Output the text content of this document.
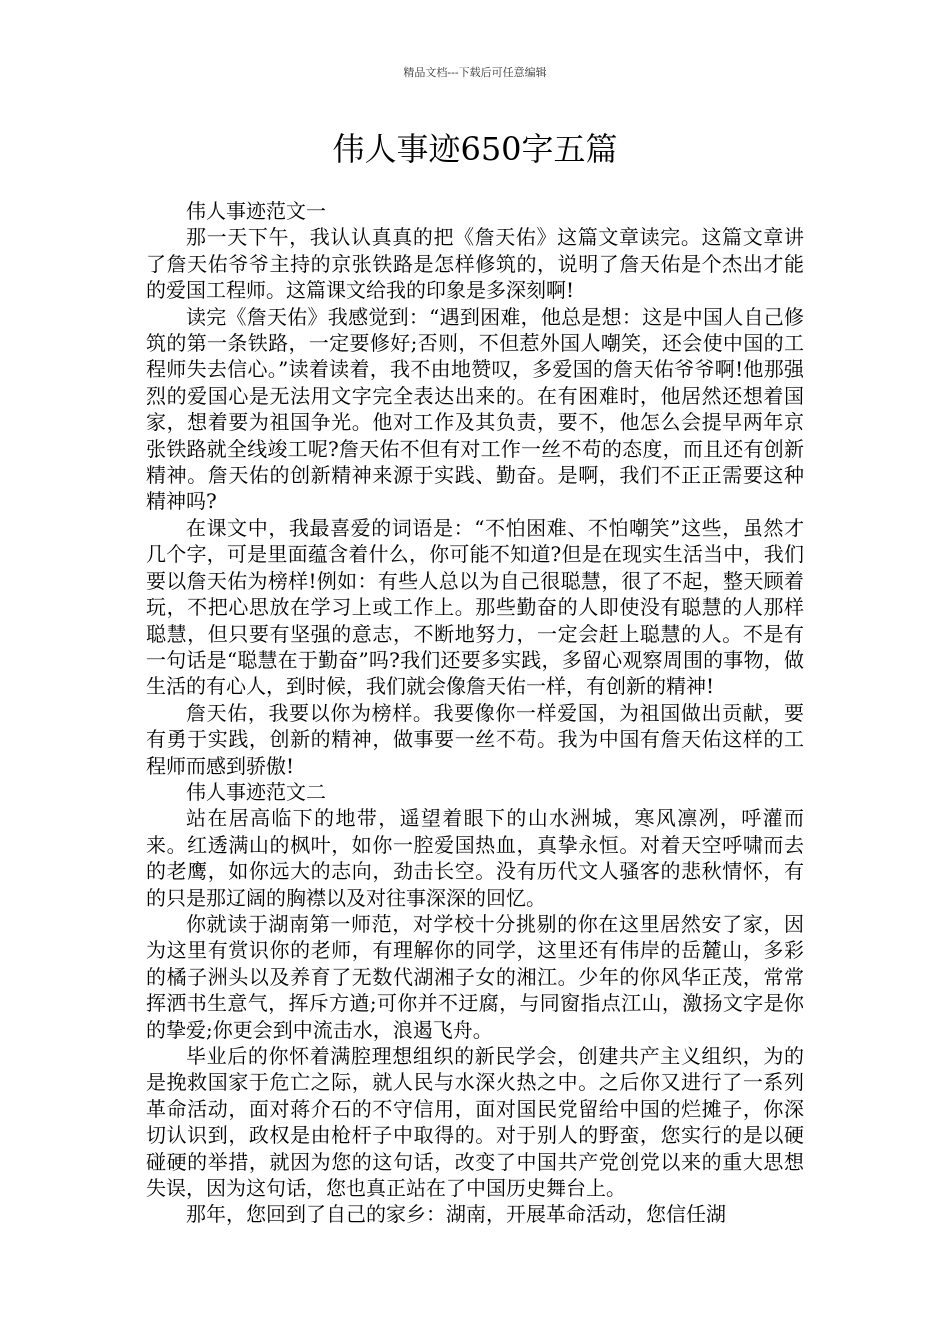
精品文档---下载后可任意编辑
伟人事迹650字五篇

伟人事迹范文一

那一天下午，我认认真真的把《詹天佑》这篇文章读完。这篇文章讲了詹天佑爷爷主持的京张铁路是怎样修筑的，说明了詹天佑是个杰出才能的爱国工程师。这篇课文给我的印象是多深刻啊!

读完《詹天佑》我感觉到：“遇到困难，他总是想：这是中国人自己修筑的第一条铁路，一定要修好;否则，不但惹外国人嘲笑，还会使中国的工程师失去信心。”读着读着，我不由地赞叹，多爱国的詹天佑爷爷啊!他那强烈的爱国心是无法用文字完全表达出来的。在有困难时，他居然还想着国家，想着要为祖国争光。他对工作及其负责，要不，他怎么会提早两年京张铁路就全线竣工呢?詹天佑不但有对工作一丝不苟的态度，而且还有创新精神。詹天佑的创新精神来源于实践、勤奋。是啊，我们不正正需要这种精神吗?

在课文中，我最喜爱的词语是：“不怕困难、不怕嘲笑”这些，虽然才几个字，可是里面蕴含着什么，你可能不知道?但是在现实生活当中，我们要以詹天佑为榜样!例如：有些人总以为自己很聪慧，很了不起，整天顾着玩，不把心思放在学习上或工作上。那些勤奋的人即使没有聪慧的人那样聪慧，但只要有坚强的意志，不断地努力，一定会赶上聪慧的人。不是有一句话是“聪慧在于勤奋”吗?我们还要多实践，多留心观察周围的事物，做生活的有心人，到时候，我们就会像詹天佑一样，有创新的精神!

詹天佑，我要以你为榜样。我要像你一样爱国，为祖国做出贡献，要有勇于实践，创新的精神，做事要一丝不苟。我为中国有詹天佑这样的工程师而感到骄傲!

伟人事迹范文二

站在居高临下的地带，遥望着眼下的山水洲城，寒风凛冽，呼灌而来。红透满山的枫叶，如你一腔爱国热血，真挚永恒。对着天空呼啸而去的老鹰，如你远大的志向，劲击长空。没有历代文人骚客的悲秋情怀，有的只是那辽阔的胸襟以及对往事深深的回忆。

你就读于湖南第一师范，对学校十分挑剔的你在这里居然安了家，因为这里有赏识你的老师，有理解你的同学，这里还有伟岸的岳麓山，多彩的橘子洲头以及养育了无数代湖湘子女的湘江。少年的你风华正茂，常常挥洒书生意气，挥斥方遒;可你并不迂腐，与同窗指点江山，激扬文字是你的挚爱;你更会到中流击水，浪遏飞舟。

毕业后的你怀着满腔理想组织的新民学会，创建共产主义组织，为的是挽救国家于危亡之际，就人民与水深火热之中。之后你又进行了一系列革命活动，面对蒋介石的不守信用，面对国民党留给中国的烂摊子，你深切认识到，政权是由枪杆子中取得的。对于别人的野蛮，您实行的是以硬碰硬的举措，就因为您的这句话，改变了中国共产党创党以来的重大思想失误，因为这句话，您也真正站在了中国历史舞台上。

那年，您回到了自己的家乡：湖南，开展革命活动，您信任湖
